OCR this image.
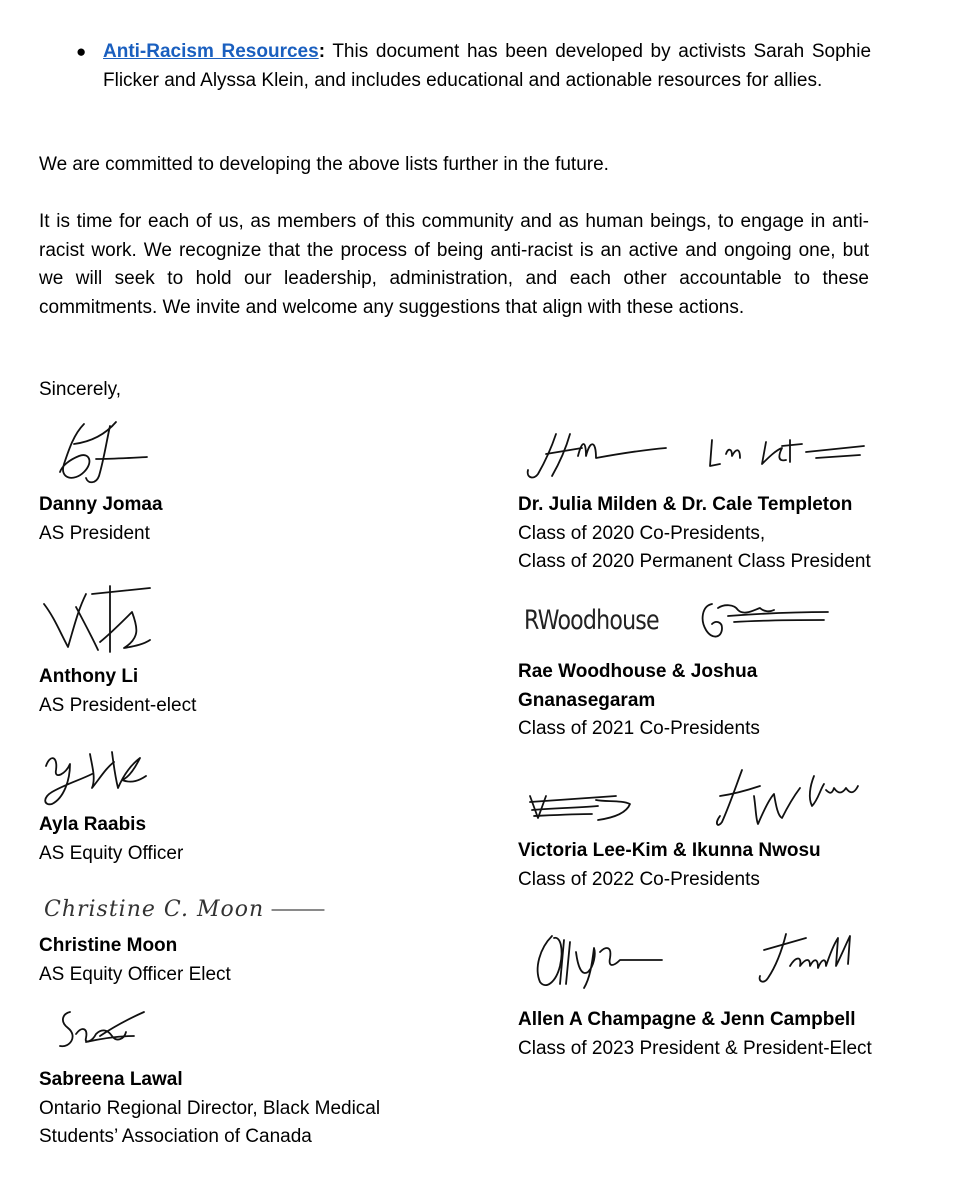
● Anti-Racism Resources: This document has been developed by activists Sarah Sophie Flicker and Alyssa Klein, and includes educational and actionable resources for allies.
We are committed to developing the above lists further in the future.
It is time for each of us, as members of this community and as human beings, to engage in anti-racist work. We recognize that the process of being anti-racist is an active and ongoing one, but we will seek to hold our leadership, administration, and each other accountable to these commitments. We invite and welcome any suggestions that align with these actions.
Sincerely,
Danny Jomaa
AS President
Anthony Li
AS President-elect
Ayla Raabis
AS Equity Officer
Christine C. Moon
Christine Moon
AS Equity Officer Elect
Sabreena Lawal
Ontario Regional Director, Black Medical
Students’ Association of Canada
Dr. Julia Milden & Dr. Cale Templeton
Class of 2020 Co-Presidents,
Class of 2020 Permanent Class President
RWoodhouse
Rae Woodhouse & Joshua
Gnanasegaram
Class of 2021 Co-Presidents
Victoria Lee-Kim & Ikunna Nwosu
Class of 2022 Co-Presidents
Allen A Champagne & Jenn Campbell
Class of 2023 President & President-Elect
